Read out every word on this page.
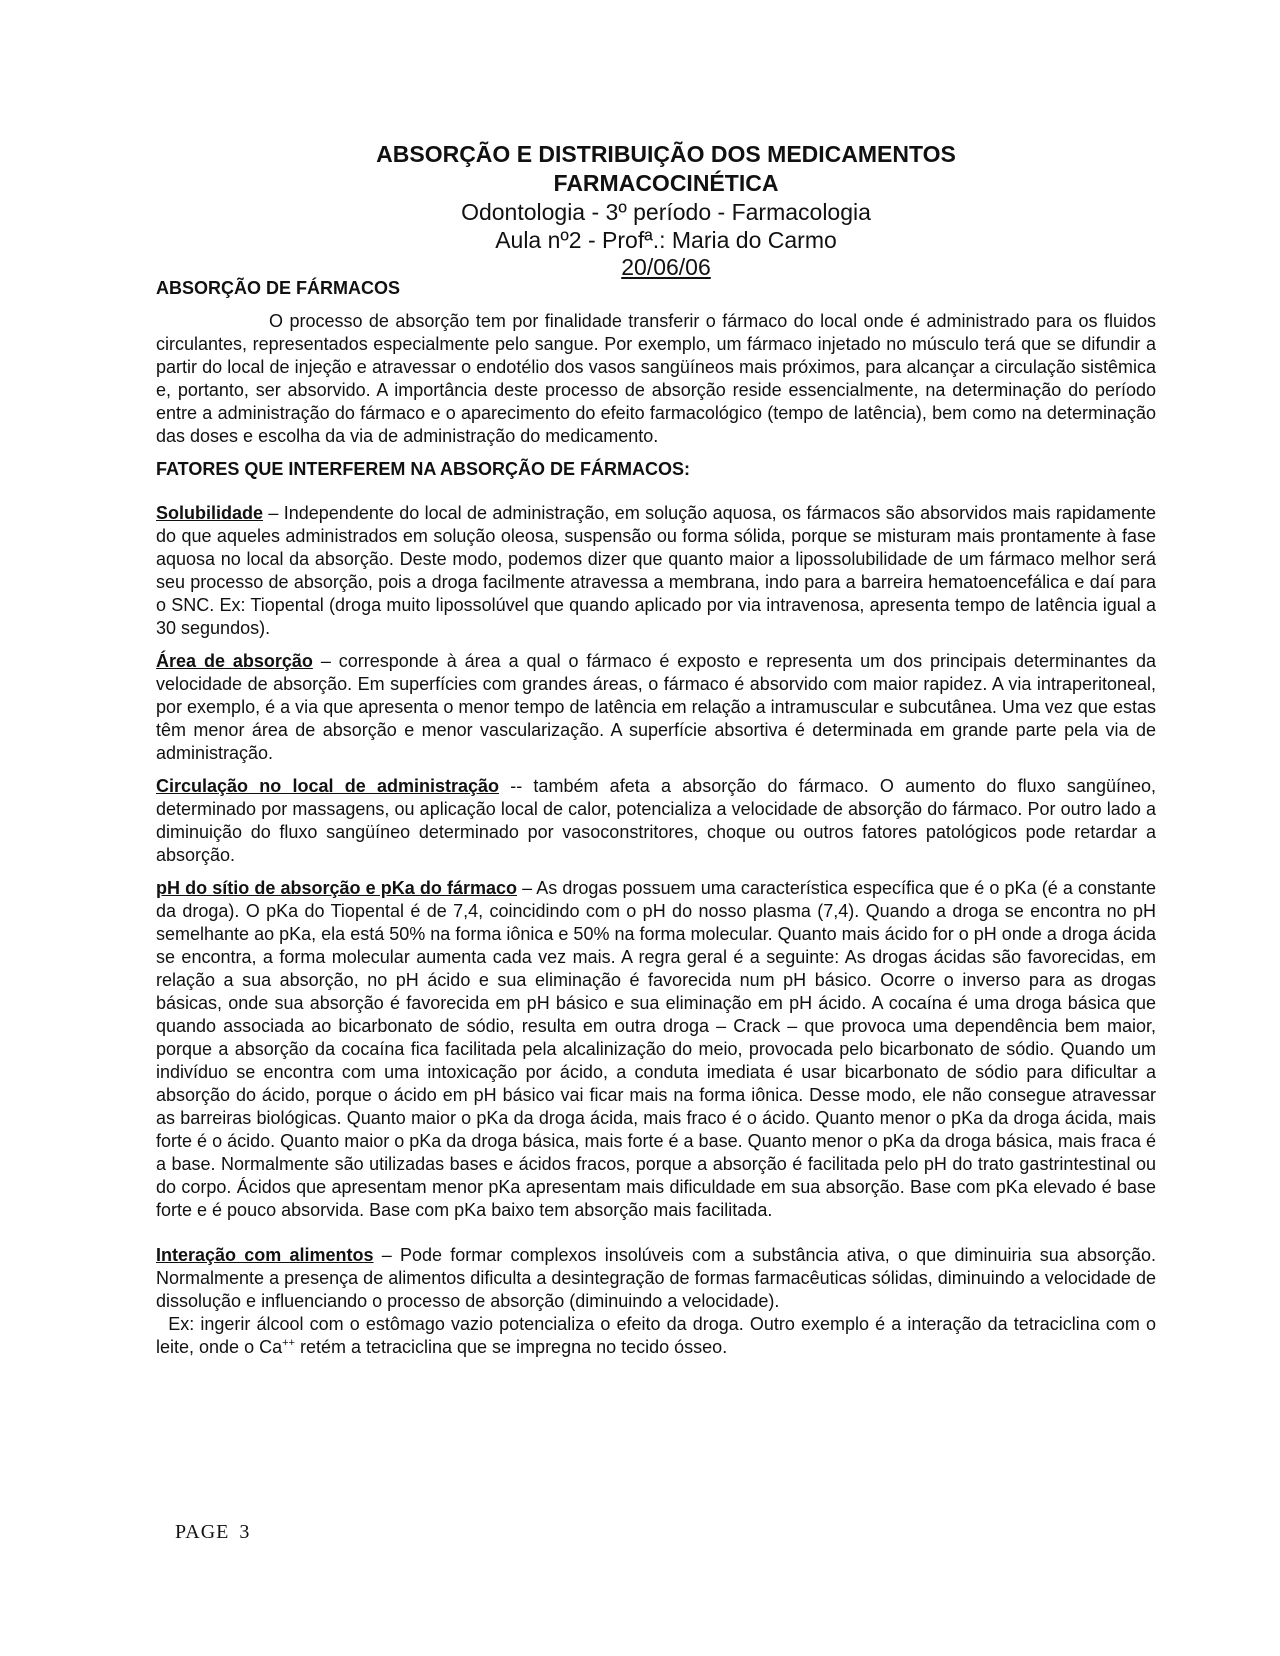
ABSORÇÃO E DISTRIBUIÇÃO DOS MEDICAMENTOS

FARMACOCINÉTICA

Odontologia - 3º período - Farmacologia

Aula nº2 - Profª.: Maria do Carmo

20/06/06

ABSORÇÃO DE FÁRMACOS

O processo de absorção tem por finalidade transferir o fármaco do local onde é administrado para os fluidos circulantes, representados especialmente pelo sangue. Por exemplo, um fármaco injetado no músculo terá que se difundir a partir do local de injeção e atravessar o endotélio dos vasos sangüíneos mais próximos, para alcançar a circulação sistêmica e, portanto, ser absorvido. A importância deste processo de absorção reside essencialmente, na determinação do período entre a administração do fármaco e o aparecimento do efeito farmacológico (tempo de latência), bem como na determinação das doses e escolha da via de administração do medicamento.

FATORES QUE INTERFEREM NA ABSORÇÃO DE FÁRMACOS:

Solubilidade – Independente do local de administração, em solução aquosa, os fármacos são absorvidos mais rapidamente do que aqueles administrados em solução oleosa, suspensão ou forma sólida, porque se misturam mais prontamente à fase aquosa no local da absorção. Deste modo, podemos dizer que quanto maior a lipossolubilidade de um fármaco melhor será seu processo de absorção, pois a droga facilmente atravessa a membrana, indo para a barreira hematoencefálica e daí para o SNC. Ex: Tiopental (droga muito lipossolúvel que quando aplicado por via intravenosa, apresenta tempo de latência igual a 30 segundos).

Área de absorção – corresponde à área a qual o fármaco é exposto e representa um dos principais determinantes da velocidade de absorção. Em superfícies com grandes áreas, o fármaco é absorvido com maior rapidez. A via intraperitoneal, por exemplo, é a via que apresenta o menor tempo de latência em relação a intramuscular e subcutânea. Uma vez que estas têm menor área de absorção e menor vascularização. A superfície absortiva é determinada em grande parte pela via de administração.

Circulação no local de administração -- também afeta a absorção do fármaco. O aumento do fluxo sangüíneo, determinado por massagens, ou aplicação local de calor, potencializa a velocidade de absorção do fármaco. Por outro lado a diminuição do fluxo sangüíneo determinado por vasoconstritores, choque ou outros fatores patológicos pode retardar a absorção.

pH do sítio de absorção e pKa do fármaco – As drogas possuem uma característica específica que é o pKa (é a constante da droga). O pKa do Tiopental é de 7,4, coincidindo com o pH do nosso plasma (7,4). Quando a droga se encontra no pH semelhante ao pKa, ela está 50% na forma iônica e 50% na forma molecular. Quanto mais ácido for o pH onde a droga ácida se encontra, a forma molecular aumenta cada vez mais. A regra geral é a seguinte: As drogas ácidas são favorecidas, em relação a sua absorção, no pH ácido e sua eliminação é favorecida num pH básico. Ocorre o inverso para as drogas básicas, onde sua absorção é favorecida em pH básico e sua eliminação em pH ácido. A cocaína é uma droga básica que quando associada ao bicarbonato de sódio, resulta em outra droga – Crack – que provoca uma dependência bem maior, porque a absorção da cocaína fica facilitada pela alcalinização do meio, provocada pelo bicarbonato de sódio. Quando um indivíduo se encontra com uma intoxicação por ácido, a conduta imediata é usar bicarbonato de sódio para dificultar a absorção do ácido, porque o ácido em pH básico vai ficar mais na forma iônica. Desse modo, ele não consegue atravessar as barreiras biológicas. Quanto maior o pKa da droga ácida, mais fraco é o ácido. Quanto menor o pKa da droga ácida, mais forte é o ácido. Quanto maior o pKa da droga básica, mais forte é a base. Quanto menor o pKa da droga básica, mais fraca é a base. Normalmente são utilizadas bases e ácidos fracos, porque a absorção é facilitada pelo pH do trato gastrintestinal ou do corpo. Ácidos que apresentam menor pKa apresentam mais dificuldade em sua absorção. Base com pKa elevado é base forte e é pouco absorvida. Base com pKa baixo tem absorção mais facilitada.

Interação com alimentos – Pode formar complexos insolúveis com a substância ativa, o que diminuiria sua absorção. Normalmente a presença de alimentos dificulta a desintegração de formas farmacêuticas sólidas, diminuindo a velocidade de dissolução e influenciando o processo de absorção (diminuindo a velocidade).

Ex: ingerir álcool com o estômago vazio potencializa o efeito da droga. Outro exemplo é a interação da tetraciclina com o leite, onde o Ca++ retém a tetraciclina que se impregna no tecido ósseo.

PAGE 3
